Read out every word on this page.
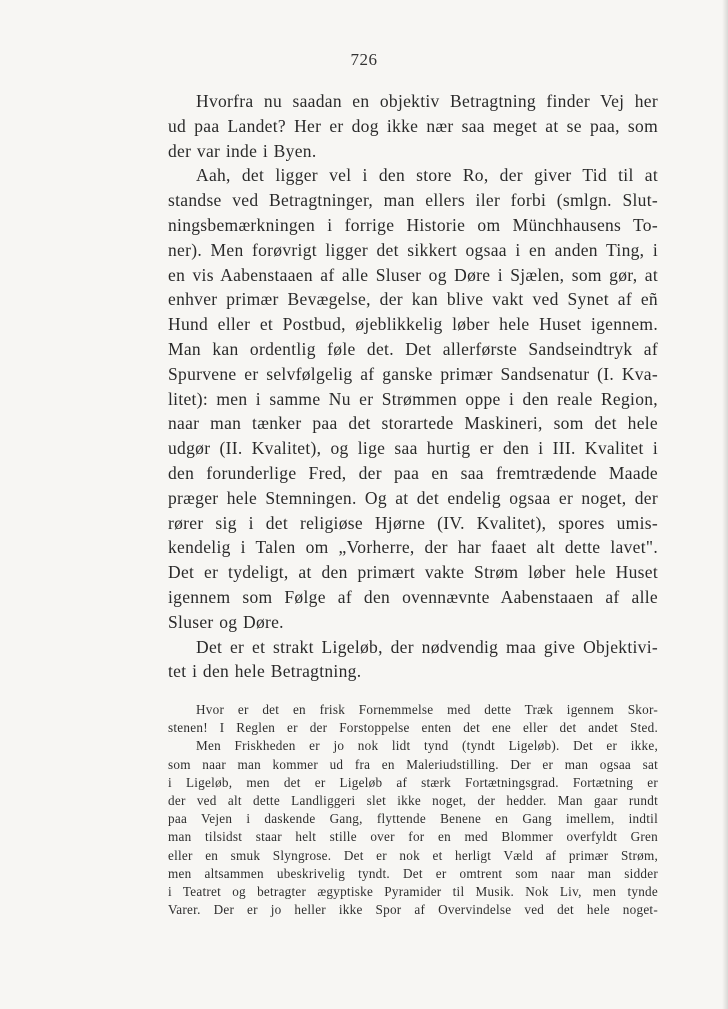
726
Hvorfra nu saadan en objektiv Betragtning finder Vej her
ud paa Landet? Her er dog ikke nær saa meget at se paa, som
der var inde i Byen.
Aah, det ligger vel i den store Ro, der giver Tid til at
standse ved Betragtninger, man ellers iler forbi (smlgn. Slut-
ningsbemærkningen i forrige Historie om Münchhausens To-
ner). Men forøvrigt ligger det sikkert ogsaa i en anden Ting, i
en vis Aabenstaaen af alle Sluser og Døre i Sjælen, som gør, at
enhver primær Bevægelse, der kan blive vakt ved Synet af eñ
Hund eller et Postbud, øjeblikkelig løber hele Huset igennem.
Man kan ordentlig føle det. Det allerførste Sandseindtryk af
Spurvene er selvfølgelig af ganske primær Sandsenatur (I. Kva-
litet): men i samme Nu er Strømmen oppe i den reale Region,
naar man tænker paa det storartede Maskineri, som det hele
udgør (II. Kvalitet), og lige saa hurtig er den i III. Kvalitet i
den forunderlige Fred, der paa en saa fremtrædende Maade
præger hele Stemningen. Og at det endelig ogsaa er noget, der
rører sig i det religiøse Hjørne (IV. Kvalitet), spores umis-
kendelig i Talen om „Vorherre, der har faaet alt dette lavet".
Det er tydeligt, at den primært vakte Strøm løber hele Huset
igennem som Følge af den ovennævnte Aabenstaaen af alle
Sluser og Døre.
Det er et strakt Ligeløb, der nødvendig maa give Objektivi-
tet i den hele Betragtning.
Hvor er det en frisk Fornemmelse med dette Træk igennem Skor-
stenen! I Reglen er der Forstoppelse enten det ene eller det andet Sted.
Men Friskheden er jo nok lidt tynd (tyndt Ligeløb). Det er ikke,
som naar man kommer ud fra en Maleriudstilling. Der er man ogsaa sat
i Ligeløb, men det er Ligeløb af stærk Fortætningsgrad. Fortætning er
der ved alt dette Landliggeri slet ikke noget, der hedder. Man gaar rundt
paa Vejen i daskende Gang, flyttende Benene en Gang imellem, indtil
man tilsidst staar helt stille over for en med Blommer overfyldt Gren
eller en smuk Slyngrose. Det er nok et herligt Væld af primær Strøm,
men altsammen ubeskrivelig tyndt. Det er omtrent som naar man sidder
i Teatret og betragter ægyptiske Pyramider til Musik. Nok Liv, men tynde
Varer. Der er jo heller ikke Spor af Overvindelse ved det hele noget-
